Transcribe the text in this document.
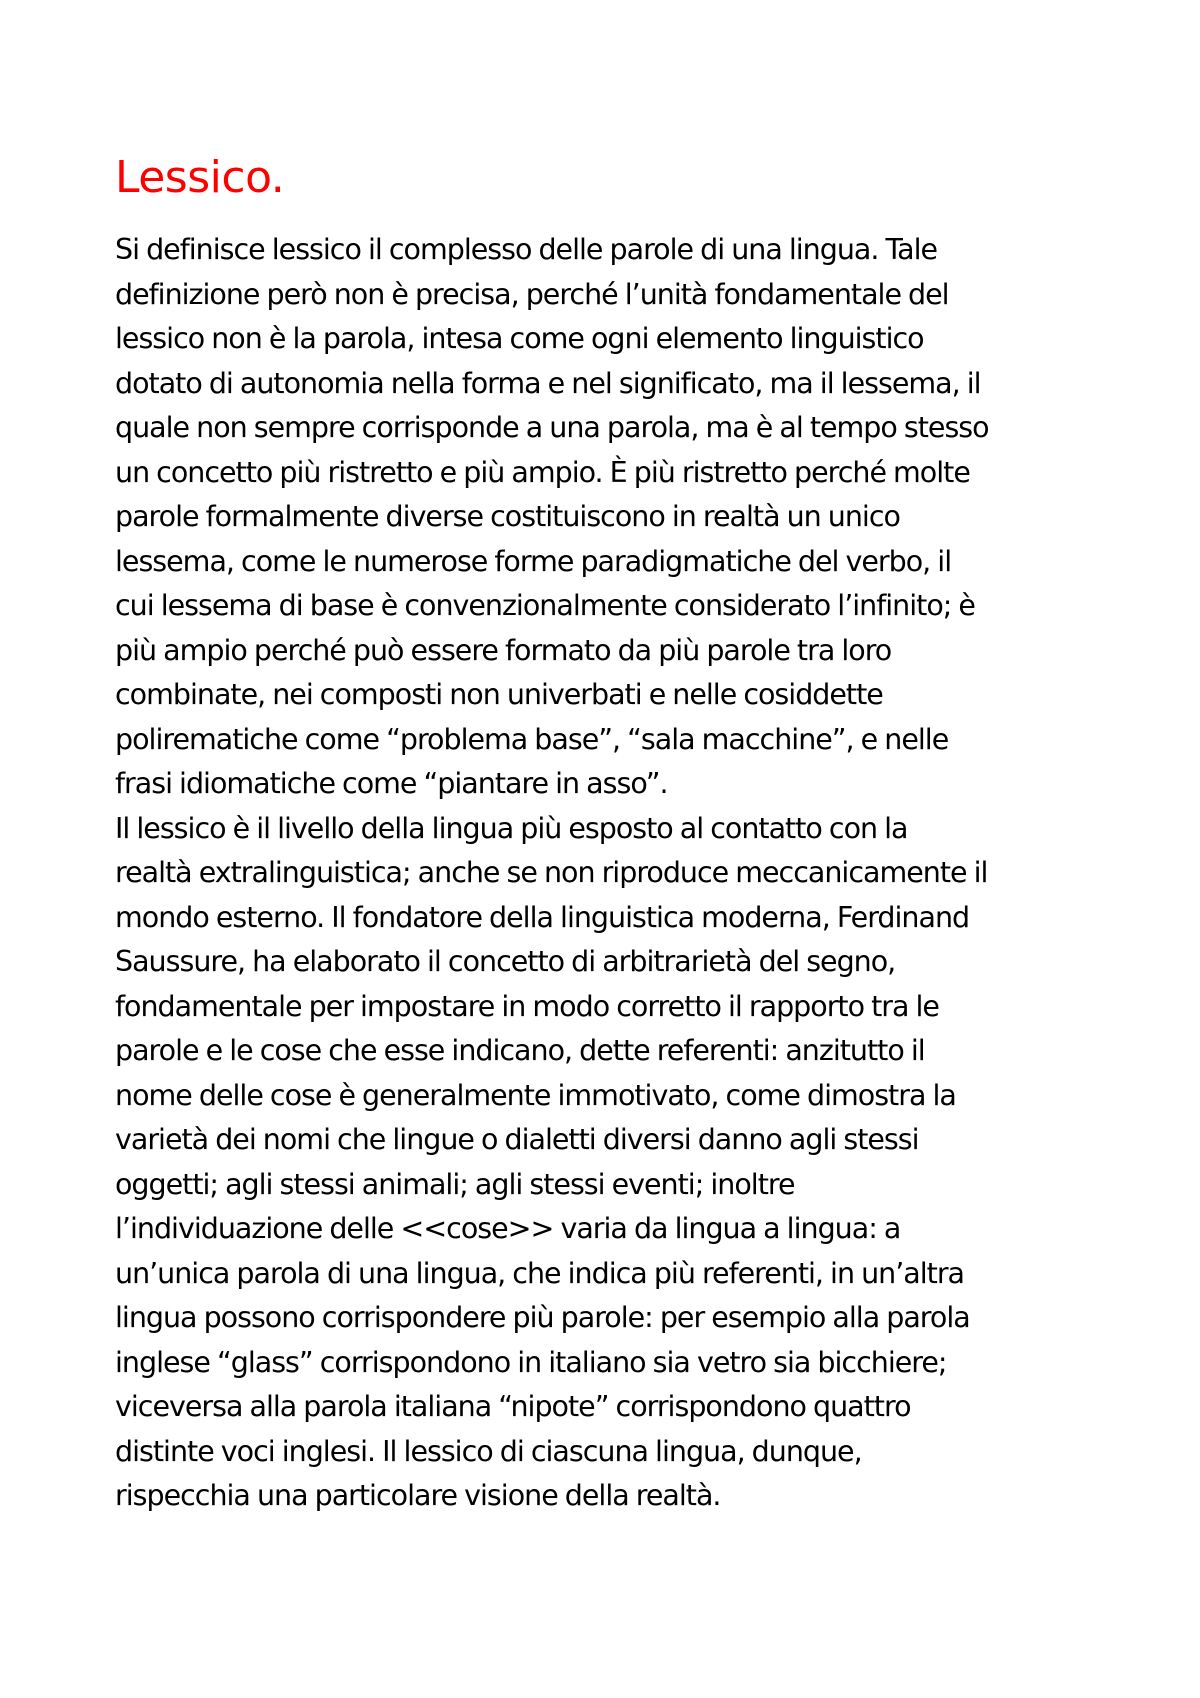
Lessico.
Si definisce lessico il complesso delle parole di una lingua. Tale
definizione però non è precisa, perché l’unità fondamentale del
lessico non è la parola, intesa come ogni elemento linguistico
dotato di autonomia nella forma e nel significato, ma il lessema, il
quale non sempre corrisponde a una parola, ma è al tempo stesso
un concetto più ristretto e più ampio. È più ristretto perché molte
parole formalmente diverse costituiscono in realtà un unico
lessema, come le numerose forme paradigmatiche del verbo, il
cui lessema di base è convenzionalmente considerato l’infinito; è
più ampio perché può essere formato da più parole tra loro
combinate, nei composti non univerbati e nelle cosiddette
polirematiche come “problema base”, “sala macchine”, e nelle
frasi idiomatiche come “piantare in asso”.
Il lessico è il livello della lingua più esposto al contatto con la
realtà extralinguistica; anche se non riproduce meccanicamente il
mondo esterno. Il fondatore della linguistica moderna, Ferdinand
Saussure, ha elaborato il concetto di arbitrarietà del segno,
fondamentale per impostare in modo corretto il rapporto tra le
parole e le cose che esse indicano, dette referenti: anzitutto il
nome delle cose è generalmente immotivato, come dimostra la
varietà dei nomi che lingue o dialetti diversi danno agli stessi
oggetti; agli stessi animali; agli stessi eventi; inoltre
l’individuazione delle <<cose>> varia da lingua a lingua: a
un’unica parola di una lingua, che indica più referenti, in un’altra
lingua possono corrispondere più parole: per esempio alla parola
inglese “glass” corrispondono in italiano sia vetro sia bicchiere;
viceversa alla parola italiana “nipote” corrispondono quattro
distinte voci inglesi. Il lessico di ciascuna lingua, dunque,
rispecchia una particolare visione della realtà.
